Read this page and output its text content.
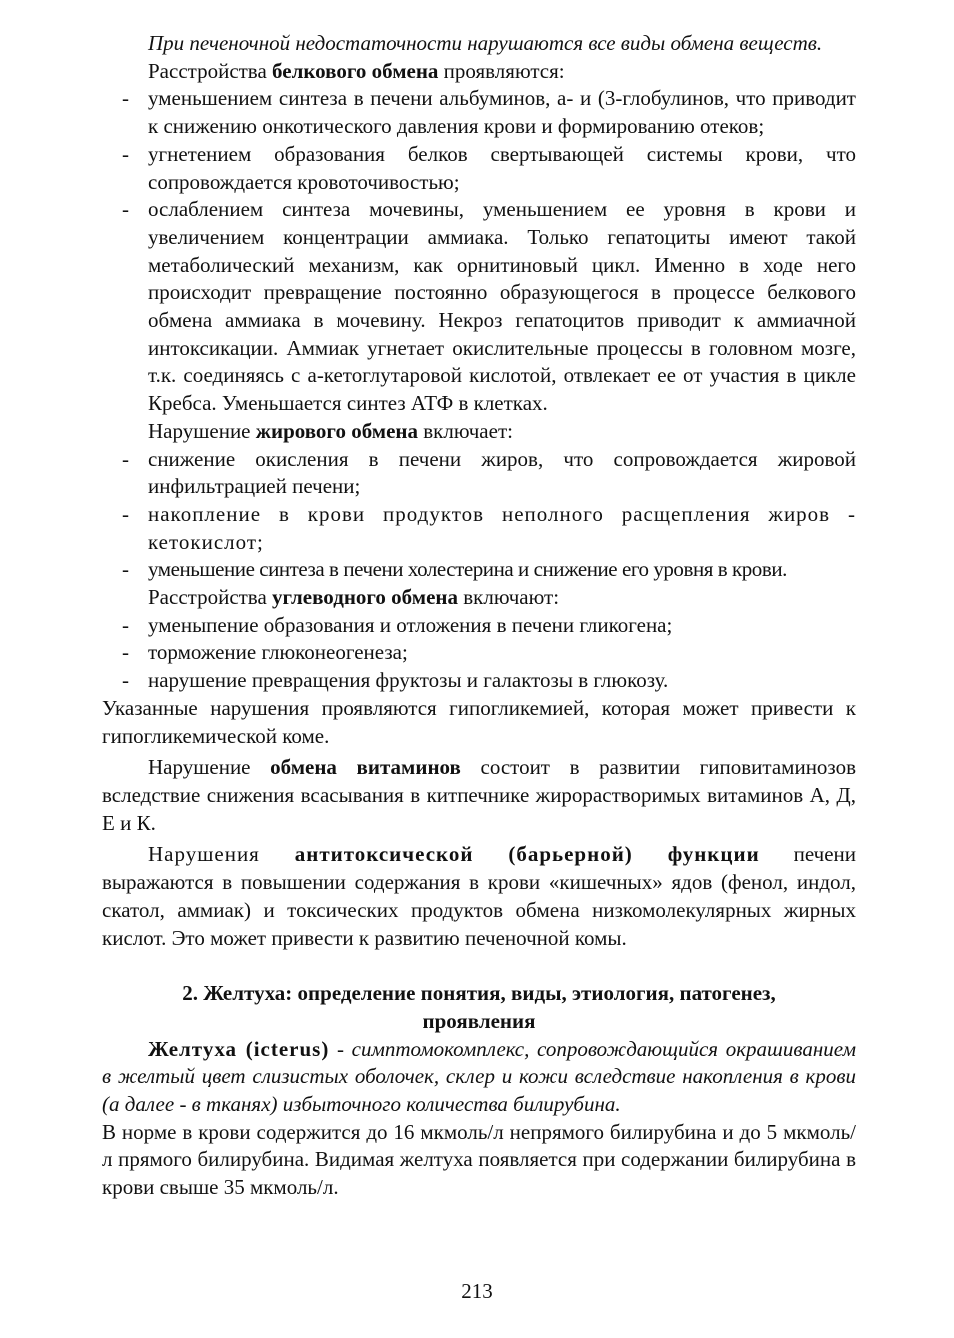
При печеночной недостаточности нарушаются все виды обмена веществ.

Расстройства белкового обмена проявляются:

- уменьшением синтеза в печени альбуминов, а- и (3-глобулинов, что приводит к снижению онкотического давления крови и формированию отеков;
- угнетением образования белков свертывающей системы крови, что сопровождается кровоточивостью;
- ослаблением синтеза мочевины, уменьшением ее уровня в крови и увеличением концентрации аммиака. Только гепатоциты имеют такой метаболический механизм, как орнитиновый цикл. Именно в ходе него происходит превращение постоянно образующегося в процессе белкового обмена аммиака в мочевину. Некроз гепатоцитов приводит к аммиачной интоксикации. Аммиак угнетает окислительные процессы в головном мозге, т.к. соединяясь с а-кетоглутаровой кислотой, отвлекает ее от участия в цикле Кребса. Уменьшается синтез АТФ в клетках.

Нарушение жирового обмена включает:

- снижение окисления в печени жиров, что сопровождается жировой инфильтрацией печени;
- накопление в крови продуктов неполного расщепления жиров - кетокислот;
- уменьшение синтеза в печени холестерина и снижение его уровня в крови.

Расстройства углеводного обмена включают:

- уменыпение образования и отложения в печени гликогена;
- торможение глюконеогенеза;
- нарушение превращения фруктозы и галактозы в глюкозу.

Указанные нарушения проявляются гипогликемией, которая может привести к гипогликемической коме.

Нарушение обмена витаминов состоит в развитии гиповитаминозов вследствие снижения всасывания в китпечнике жирорастворимых витаминов А, Д, Е и К.

Нарушения антитоксической (барьерной) функции печени выражаются в повышении содержания в крови «кишечных» ядов (фенол, индол, скатол, аммиак) и токсических продуктов обмена низкомолекулярных жирных кислот. Это может привести к развитию печеночной комы.

2. Желтуха: определение понятия, виды, этиология, патогенез,
проявления

Желтуха (icterus) - симптомокомплекс, сопровождающийся окрашиванием в желтый цвет слизистых оболочек, склер и кожи вследствие накопления в крови (а далее - в тканях) избыточного количества билирубина.

В норме в крови содержится до 16 мкмоль/л непрямого билирубина и до 5 мкмоль/л прямого билирубина. Видимая желтуха появляется при содержании билирубина в крови свыше 35 мкмоль/л.

213
